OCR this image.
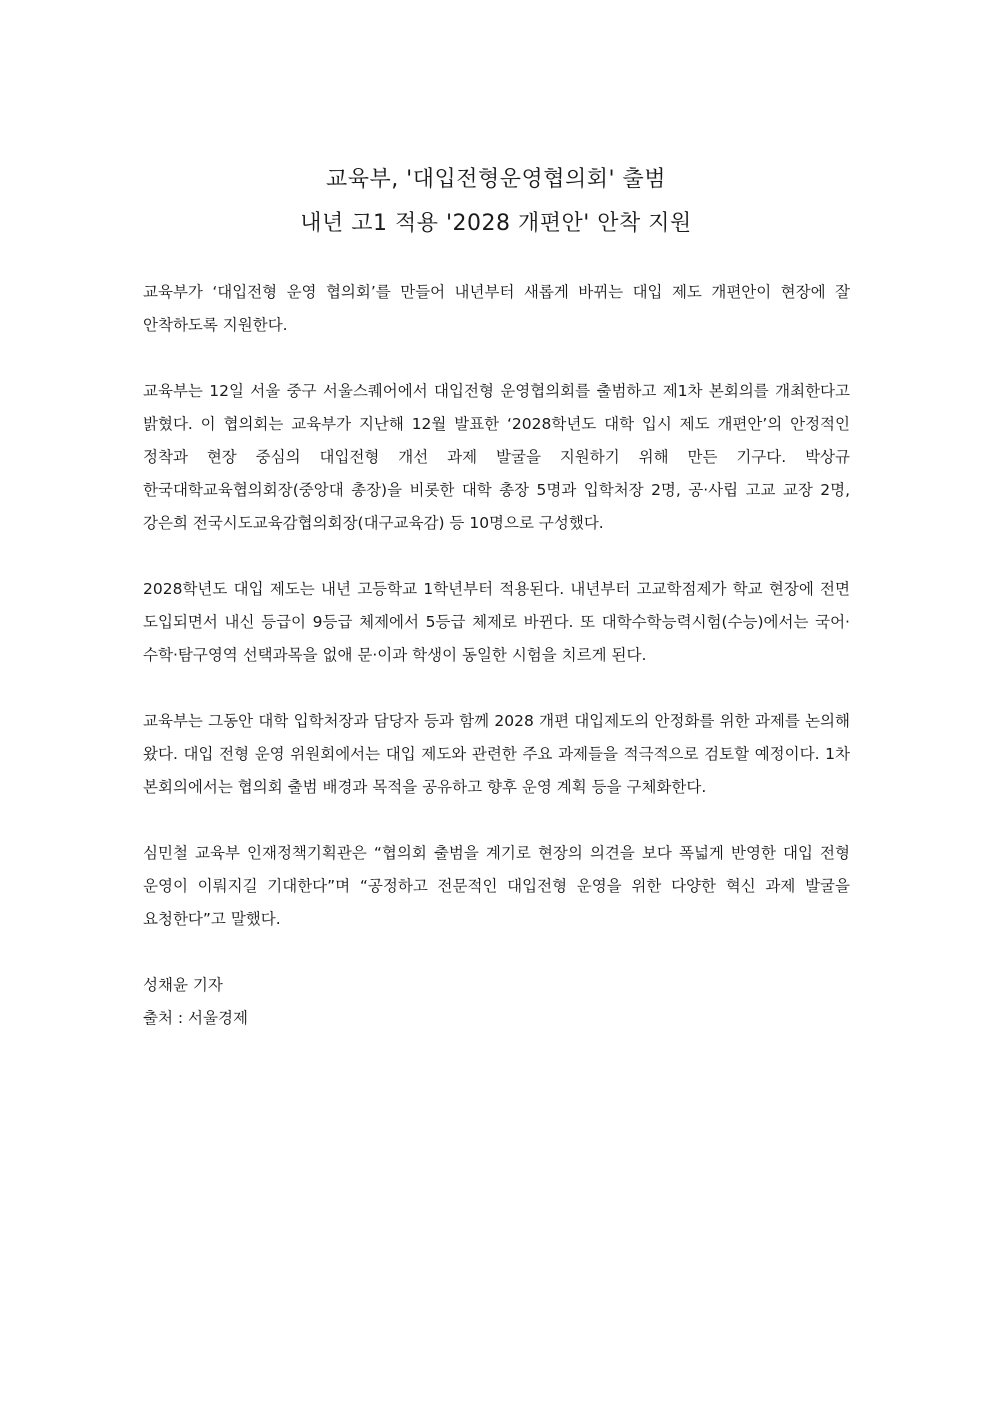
교육부, '대입전형운영협의회' 출범
내년 고1 적용 '2028 개편안' 안착 지원

교육부가 ‘대입전형 운영 협의회’를 만들어 내년부터 새롭게 바뀌는 대입 제도 개편안이 현장에 잘 안착하도록 지원한다.

교육부는 12일 서울 중구 서울스퀘어에서 대입전형 운영협의회를 출범하고 제1차 본회의를 개최한다고 밝혔다. 이 협의회는 교육부가 지난해 12월 발표한 ‘2028학년도 대학 입시 제도 개편안’의 안정적인 정착과 현장 중심의 대입전형 개선 과제 발굴을 지원하기 위해 만든 기구다. 박상규 한국대학교육협의회장(중앙대 총장)을 비롯한 대학 총장 5명과 입학처장 2명, 공·사립 고교 교장 2명, 강은희 전국시도교육감협의회장(대구교육감) 등 10명으로 구성했다.

2028학년도 대입 제도는 내년 고등학교 1학년부터 적용된다. 내년부터 고교학점제가 학교 현장에 전면 도입되면서 내신 등급이 9등급 체제에서 5등급 체제로 바뀐다. 또 대학수학능력시험(수능)에서는 국어·수학·탐구영역 선택과목을 없애 문·이과 학생이 동일한 시험을 치르게 된다.

교육부는 그동안 대학 입학처장과 담당자 등과 함께 2028 개편 대입제도의 안정화를 위한 과제를 논의해 왔다. 대입 전형 운영 위원회에서는 대입 제도와 관련한 주요 과제들을 적극적으로 검토할 예정이다. 1차 본회의에서는 협의회 출범 배경과 목적을 공유하고 향후 운영 계획 등을 구체화한다.

심민철 교육부 인재정책기획관은 “협의회 출범을 계기로 현장의 의견을 보다 폭넓게 반영한 대입 전형 운영이 이뤄지길 기대한다”며 “공정하고 전문적인 대입전형 운영을 위한 다양한 혁신 과제 발굴을 요청한다”고 말했다.

성채윤 기자
출처 : 서울경제
